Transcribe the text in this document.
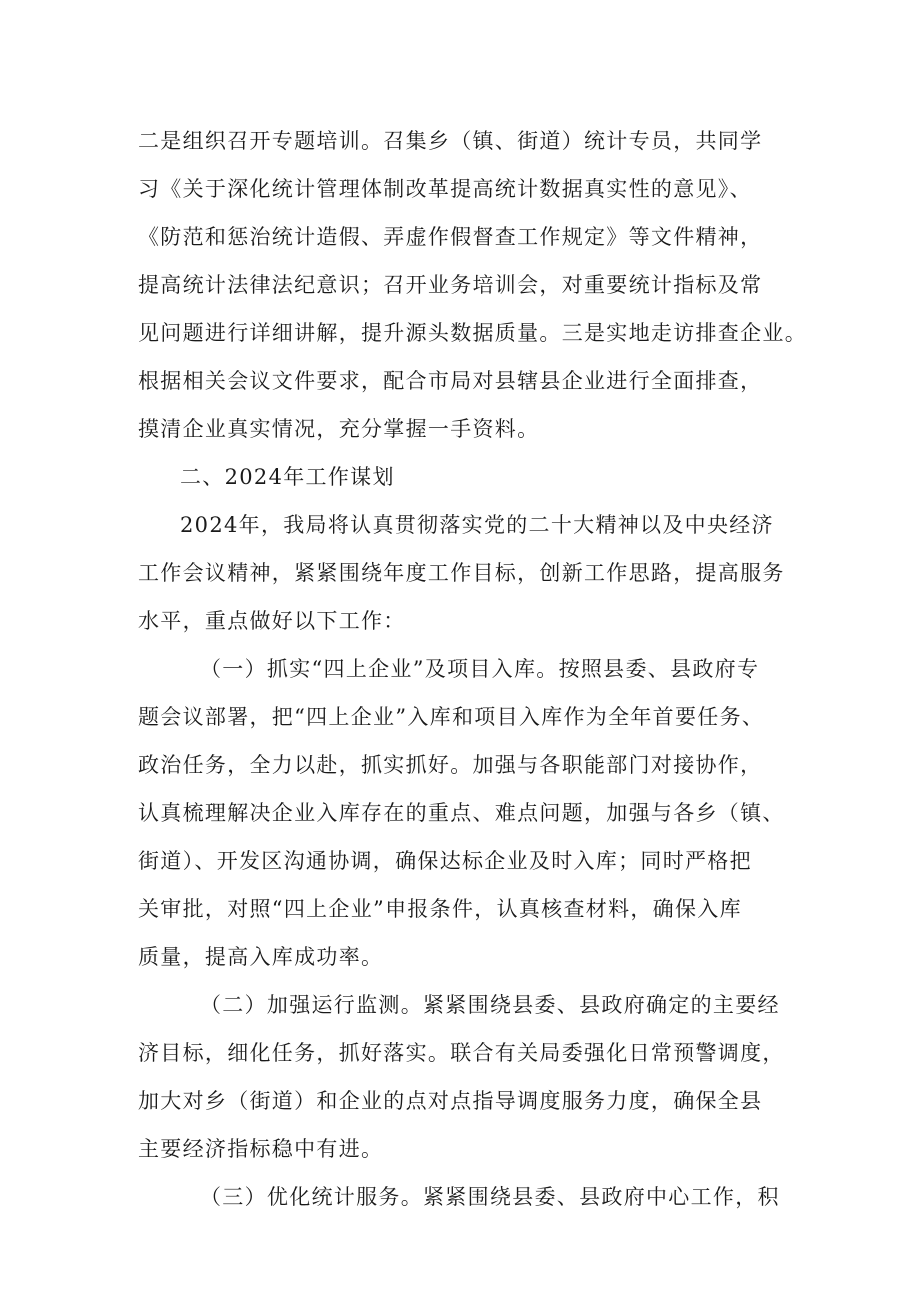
二是组织召开专题培训。召集乡（镇、街道）统计专员，共同学
习《关于深化统计管理体制改革提高统计数据真实性的意见》、
《防范和惩治统计造假、弄虚作假督查工作规定》等文件精神，
提高统计法律法纪意识；召开业务培训会，对重要统计指标及常
见问题进行详细讲解，提升源头数据质量。三是实地走访排查企业。
根据相关会议文件要求，配合市局对县辖县企业进行全面排查，
摸清企业真实情况，充分掌握一手资料。
二、2024年工作谋划
2024年，我局将认真贯彻落实党的二十大精神以及中央经济
工作会议精神，紧紧围绕年度工作目标，创新工作思路，提高服务
水平，重点做好以下工作：
（一）抓实“四上企业”及项目入库。按照县委、县政府专
题会议部署，把“四上企业”入库和项目入库作为全年首要任务、
政治任务，全力以赴，抓实抓好。加强与各职能部门对接协作，
认真梳理解决企业入库存在的重点、难点问题，加强与各乡（镇、
街道）、开发区沟通协调，确保达标企业及时入库；同时严格把
关审批，对照“四上企业”申报条件，认真核查材料，确保入库
质量，提高入库成功率。
（二）加强运行监测。紧紧围绕县委、县政府确定的主要经
济目标，细化任务，抓好落实。联合有关局委强化日常预警调度，
加大对乡（街道）和企业的点对点指导调度服务力度，确保全县
主要经济指标稳中有进。
（三）优化统计服务。紧紧围绕县委、县政府中心工作，积
